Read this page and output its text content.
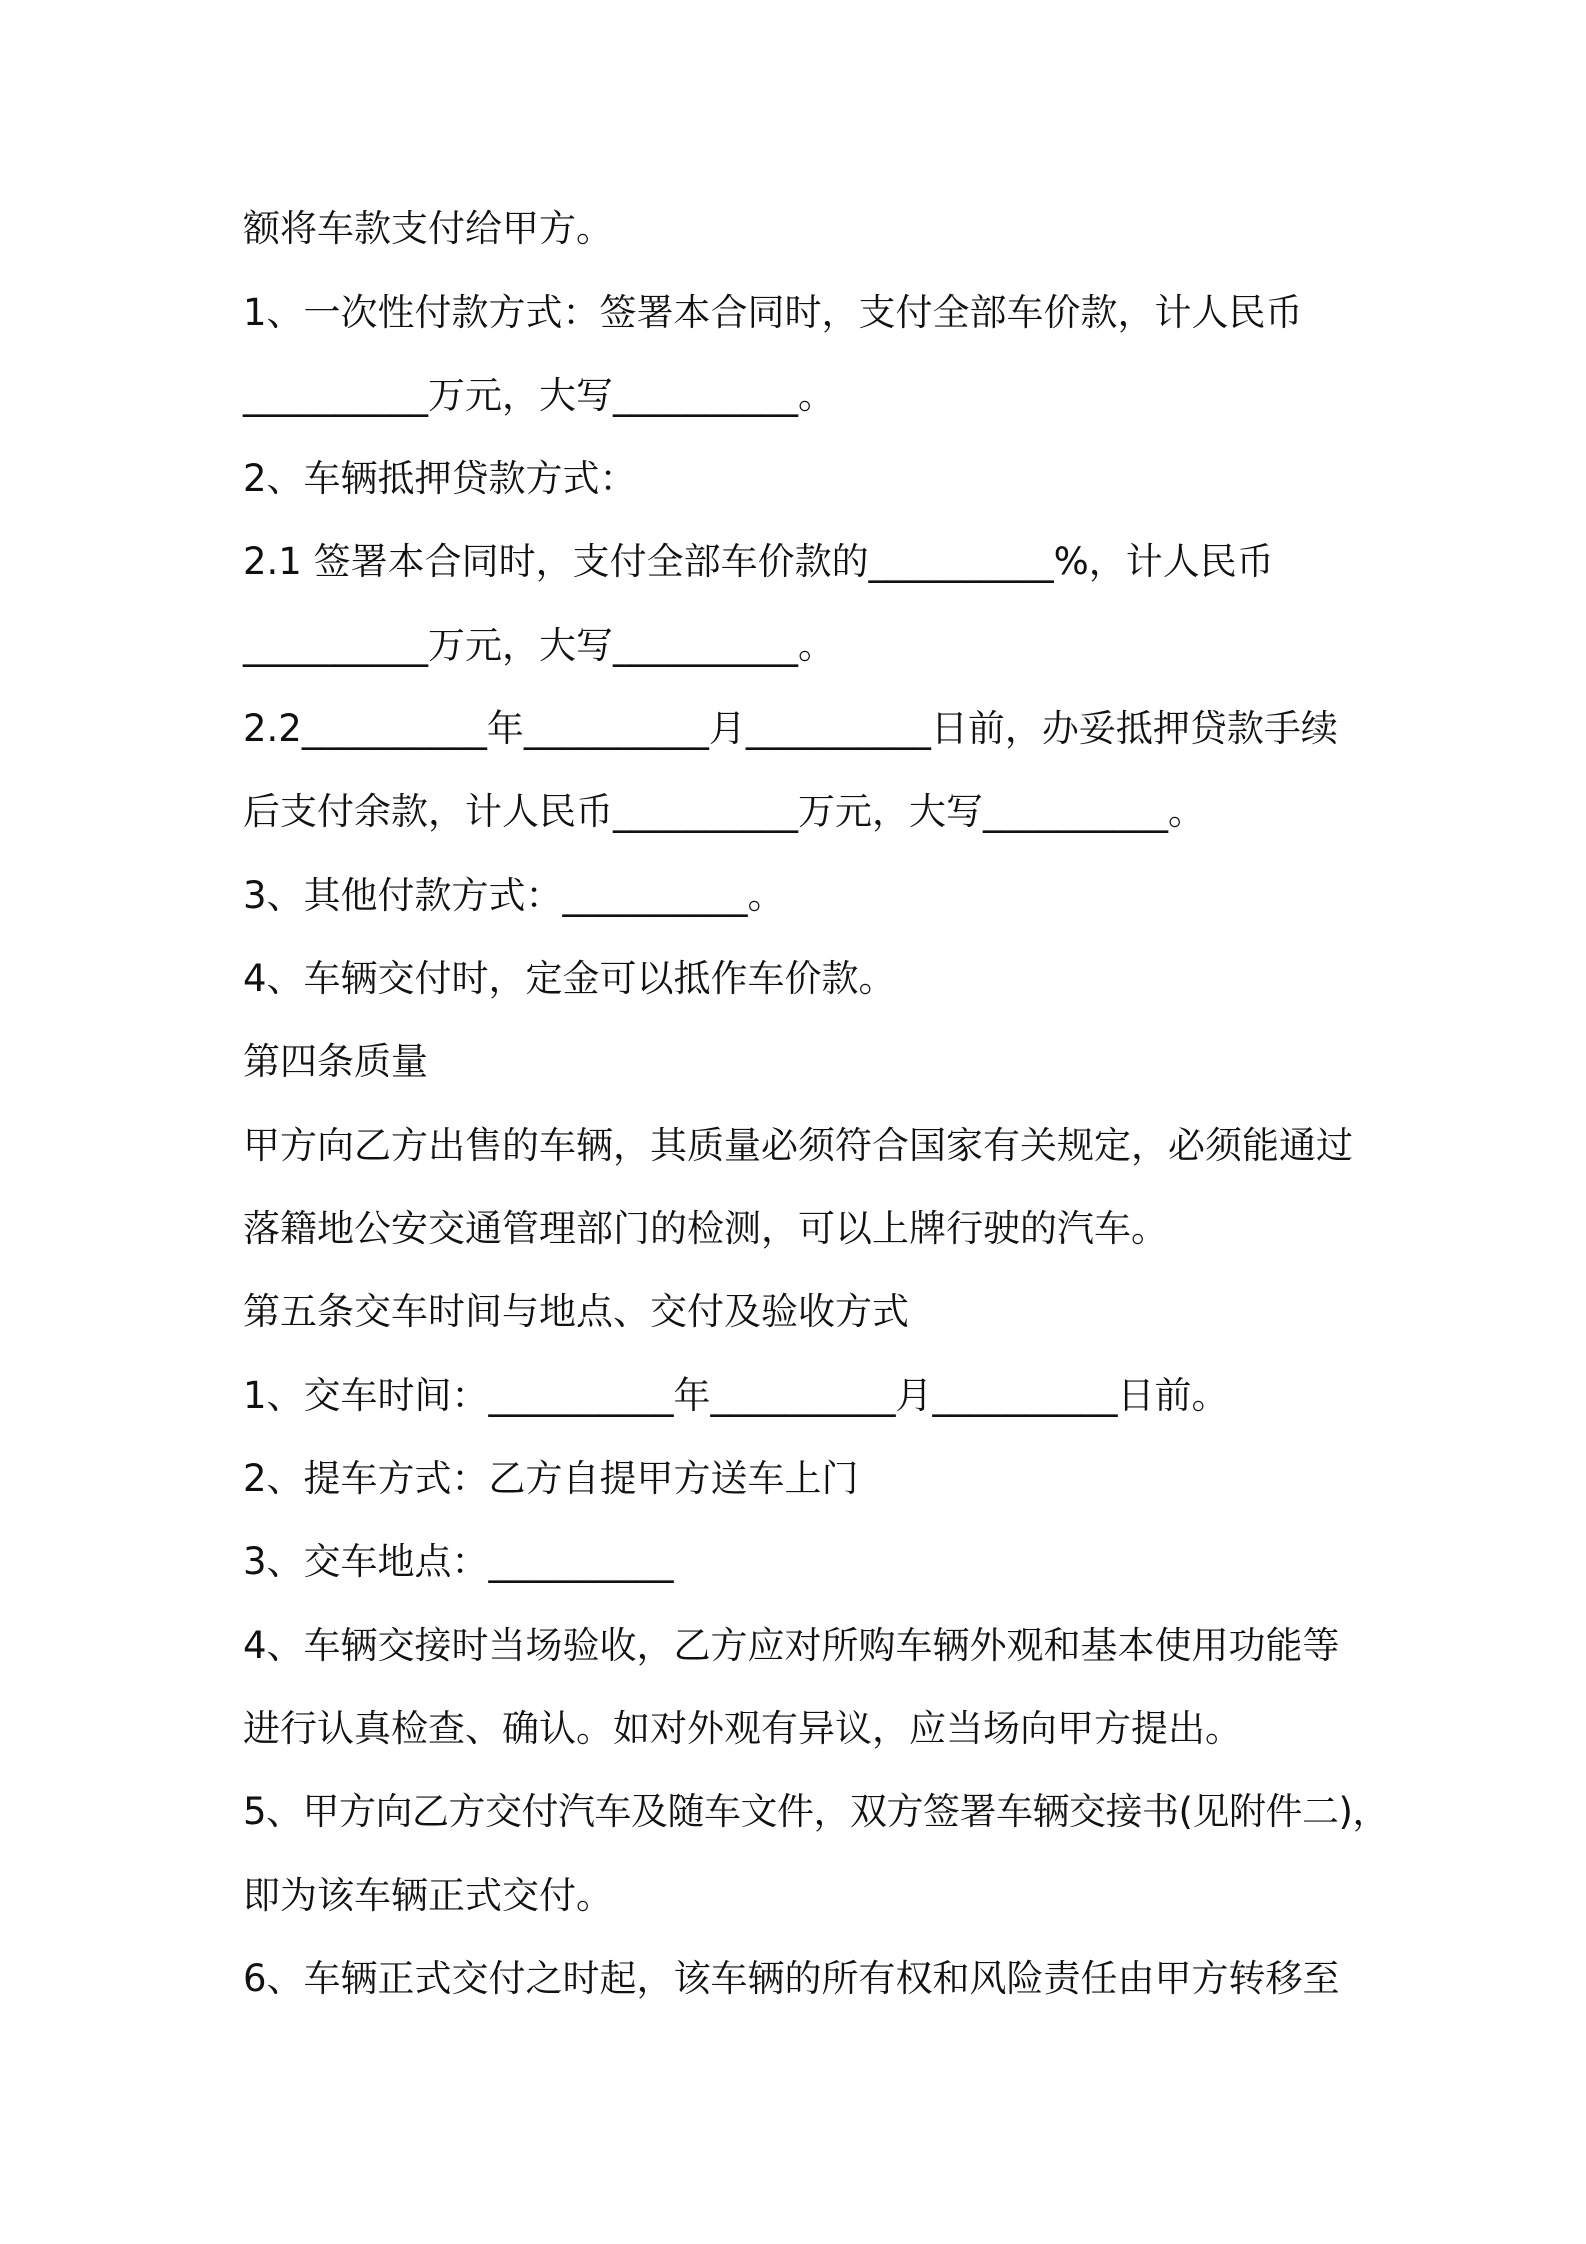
额将车款支付给甲方。

1、一次性付款方式：签署本合同时，支付全部车价款，计人民币

__________万元，大写__________。

2、车辆抵押贷款方式：

2.1 签署本合同时，支付全部车价款的__________%，计人民币

__________万元，大写__________。

2.2__________年__________月__________日前，办妥抵押贷款手续

后支付余款，计人民币__________万元，大写__________。

3、其他付款方式：__________。

4、车辆交付时，定金可以抵作车价款。

第四条质量

甲方向乙方出售的车辆，其质量必须符合国家有关规定，必须能通过

落籍地公安交通管理部门的检测，可以上牌行驶的汽车。

第五条交车时间与地点、交付及验收方式

1、交车时间：__________年__________月__________日前。

2、提车方式：乙方自提甲方送车上门

3、交车地点：__________

4、车辆交接时当场验收，乙方应对所购车辆外观和基本使用功能等

进行认真检查、确认。如对外观有异议，应当场向甲方提出。

5、甲方向乙方交付汽车及随车文件，双方签署车辆交接书(见附件二)，

即为该车辆正式交付。

6、车辆正式交付之时起，该车辆的所有权和风险责任由甲方转移至
